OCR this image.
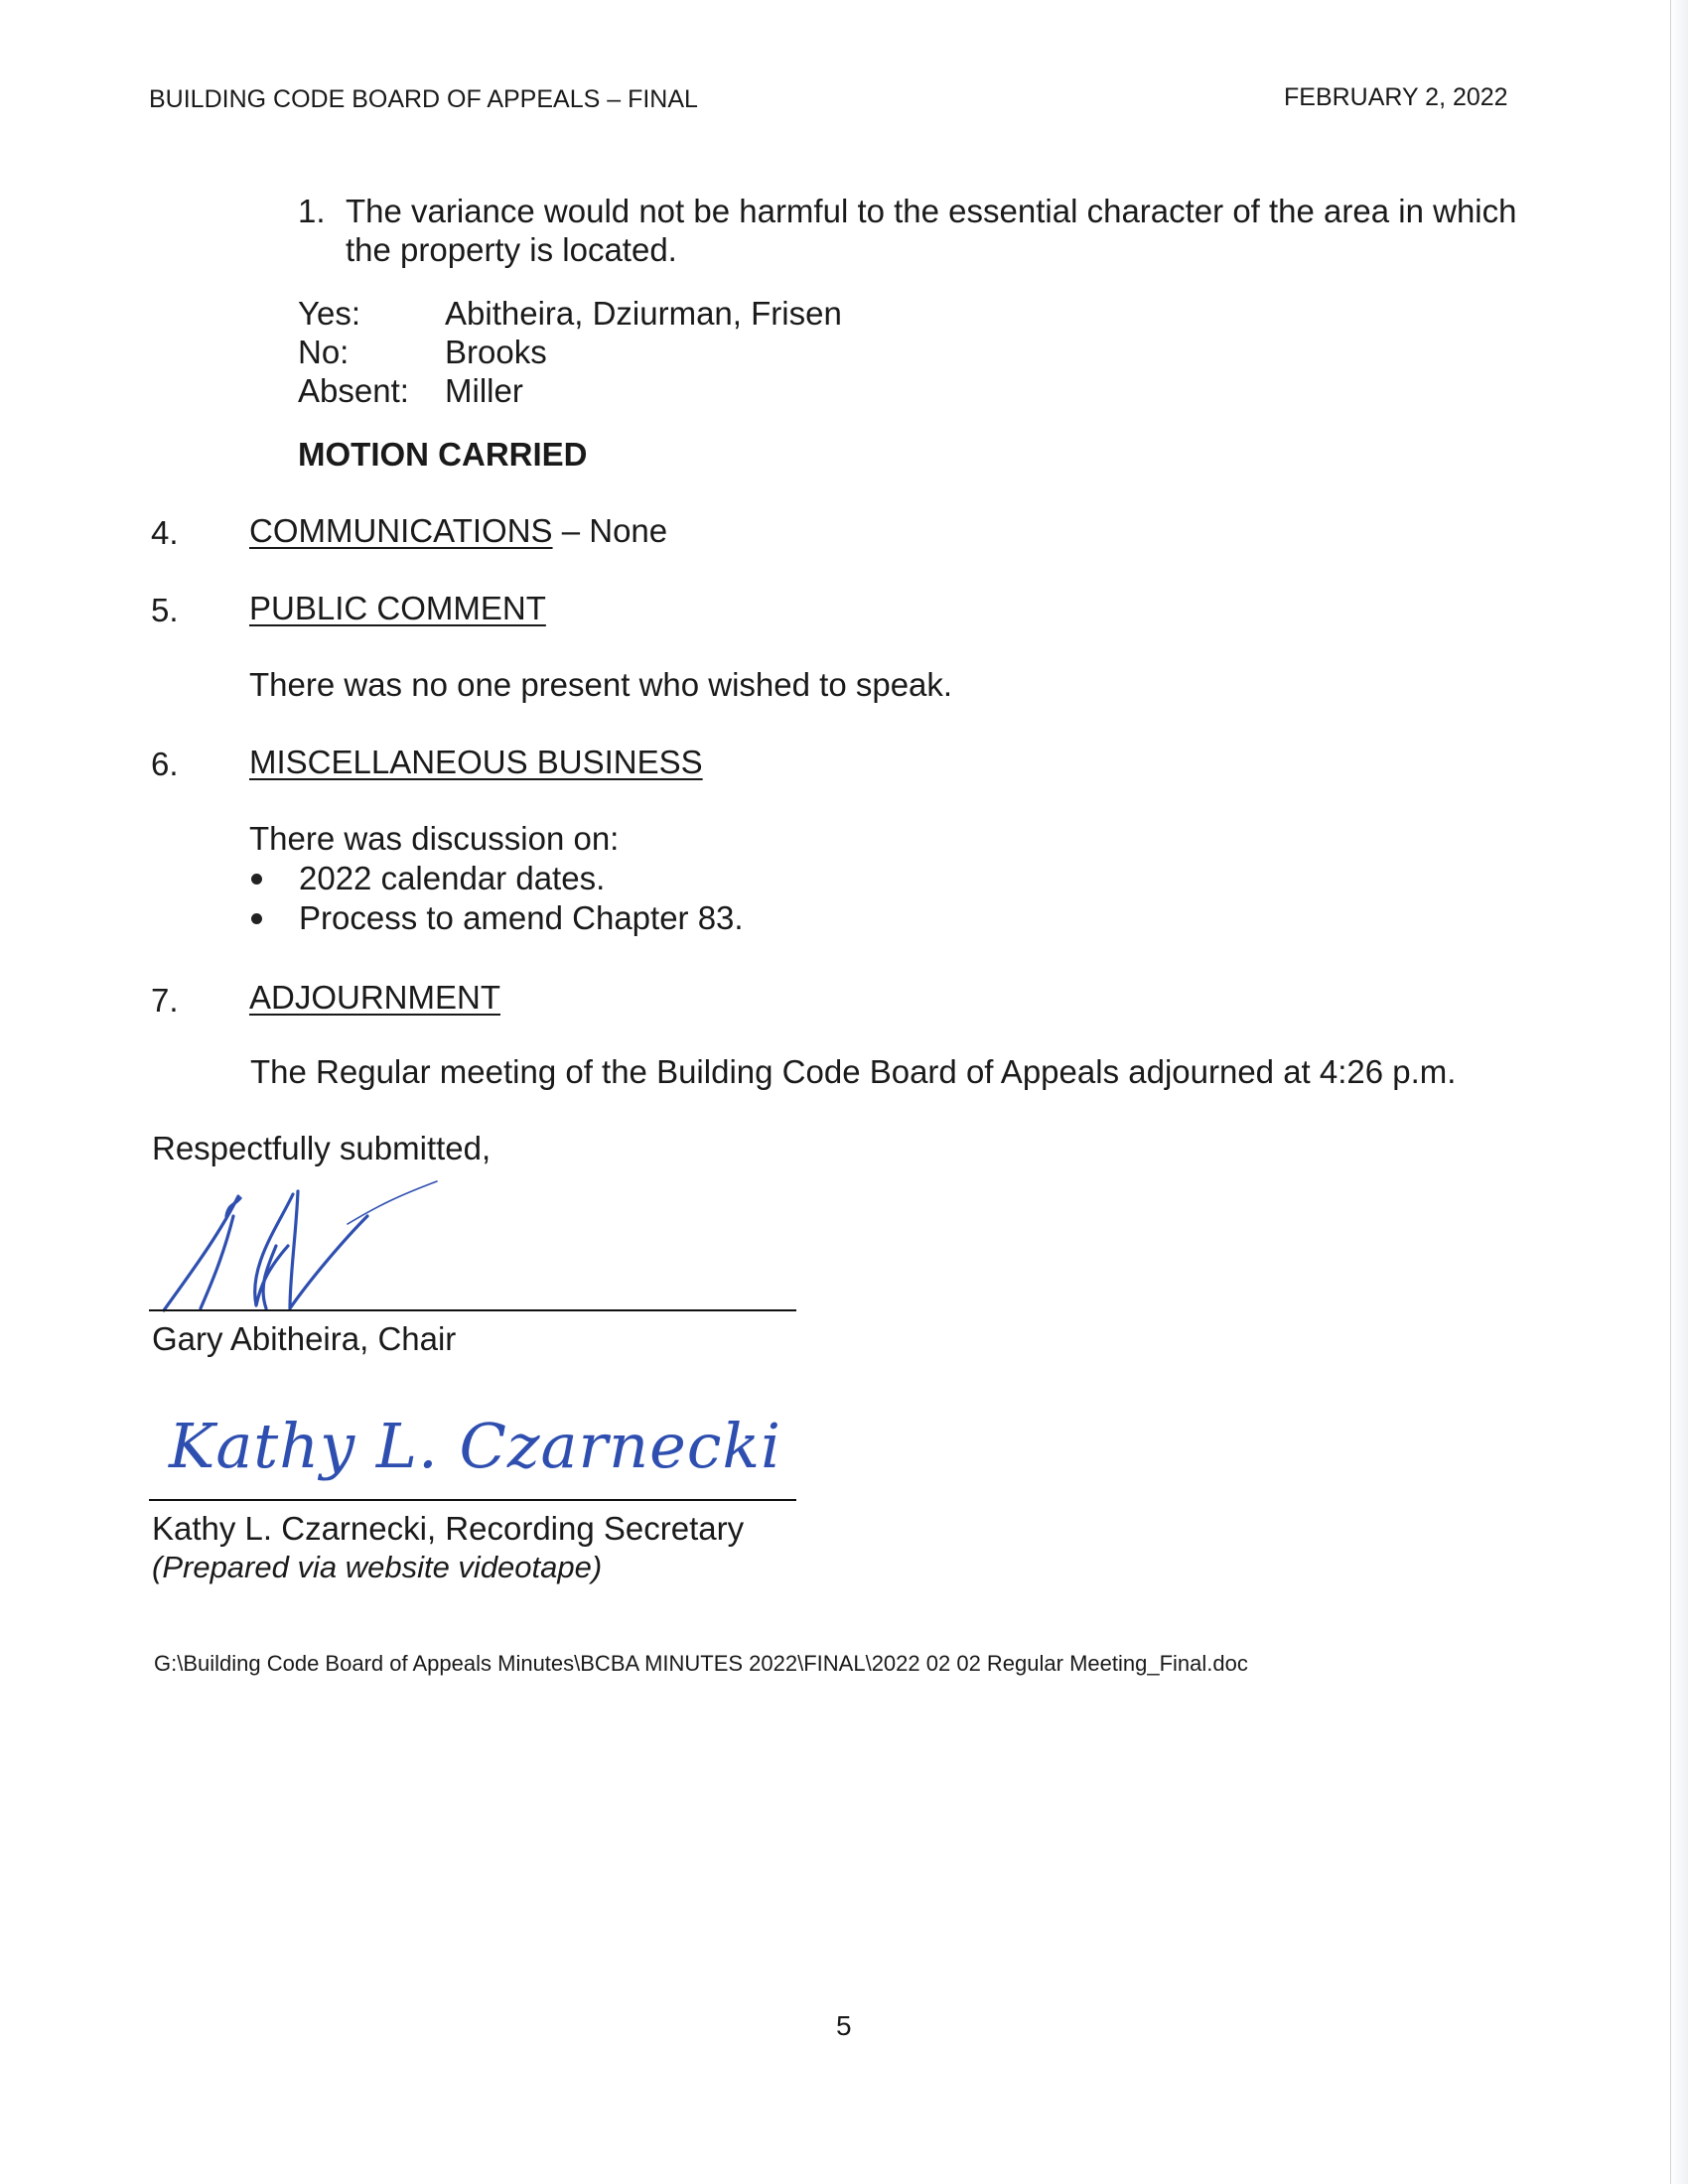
BUILDING CODE BOARD OF APPEALS – FINAL	FEBRUARY 2, 2022
1. The variance would not be harmful to the essential character of the area in which
the property is located.
Yes:	Abitheira, Dziurman, Frisen
No:	Brooks
Absent: Miller
MOTION CARRIED
4. COMMUNICATIONS – None
5. PUBLIC COMMENT
There was no one present who wished to speak.
6. MISCELLANEOUS BUSINESS
There was discussion on:
2022 calendar dates.
Process to amend Chapter 83.
7. ADJOURNMENT
The Regular meeting of the Building Code Board of Appeals adjourned at 4:26 p.m.
Respectfully submitted,
Gary Abitheira, Chair
Kathy L. Czarnecki
Kathy L. Czarnecki, Recording Secretary
(Prepared via website videotape)
G:\Building Code Board of Appeals Minutes\BCBA MINUTES 2022\FINAL\2022 02 02 Regular Meeting_Final.doc
5
